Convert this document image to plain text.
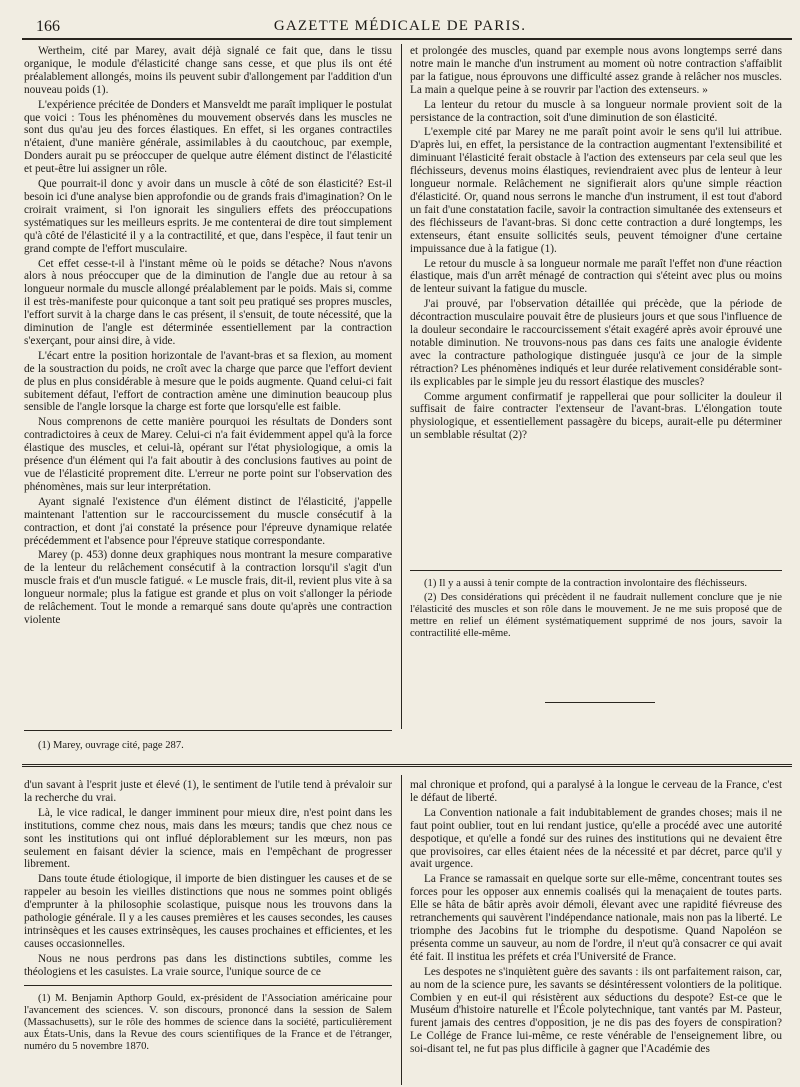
166	GAZETTE MÉDICALE DE PARIS.

Wertheim, cité par Marey, avait déjà signalé ce fait que, dans le tissu organique, le module d'élasticité change sans cesse, et que plus ils ont été préalablement allongés, moins ils peuvent subir d'allongement par l'addition d'un nouveau poids (1).

L'expérience précitée de Donders et Mansveldt me paraît impliquer le postulat que voici : Tous les phénomènes du mouvement observés dans les muscles ne sont dus qu'au jeu des forces élastiques. En effet, si les organes contractiles n'étaient, d'une manière générale, assimilables à du caoutchouc, par exemple, Donders aurait pu se préoccuper de quelque autre élément distinct de l'élasticité et peut-être lui assigner un rôle.

Que pourrait-il donc y avoir dans un muscle à côté de son élasticité? Est-il besoin ici d'une analyse bien approfondie ou de grands frais d'imagination? On le croirait vraiment, si l'on ignorait les singuliers effets des préoccupations systématiques sur les meilleurs esprits. Je me contenterai de dire tout simplement qu'à côté de l'élasticité il y a la contractilité, et que, dans l'espèce, il faut tenir un grand compte de l'effort musculaire.

Cet effet cesse-t-il à l'instant même où le poids se détache? Nous n'avons alors à nous préoccuper que de la diminution de l'angle due au retour à sa longueur normale du muscle allongé préalablement par le poids. Mais si, comme il est très-manifeste pour quiconque a tant soit peu pratiqué ses propres muscles, l'effort survit à la charge dans le cas présent, il s'ensuit, de toute nécessité, que la diminution de l'angle est déterminée essentiellement par la contraction s'exerçant, pour ainsi dire, à vide.

L'écart entre la position horizontale de l'avant-bras et sa flexion, au moment de la soustraction du poids, ne croît avec la charge que parce que l'effort devient de plus en plus considérable à mesure que le poids augmente. Quand celui-ci fait subitement défaut, l'effort de contraction amène une diminution beaucoup plus sensible de l'angle lorsque la charge est forte que lorsqu'elle est faible.

Nous comprenons de cette manière pourquoi les résultats de Donders sont contradictoires à ceux de Marey. Celui-ci n'a fait évidemment appel qu'à la force élastique des muscles, et celui-là, opérant sur l'état physiologique, a omis la présence d'un élément qui l'a fait aboutir à des conclusions fautives au point de vue de l'élasticité proprement dite. L'erreur ne porte point sur l'observation des phénomènes, mais sur leur interprétation.

Ayant signalé l'existence d'un élément distinct de l'élasticité, j'appelle maintenant l'attention sur le raccourcissement du muscle consécutif à la contraction, et dont j'ai constaté la présence pour l'épreuve dynamique relatée précédemment et l'absence pour l'épreuve statique correspondante.

Marey (p. 453) donne deux graphiques nous montrant la mesure comparative de la lenteur du relâchement consécutif à la contraction lorsqu'il s'agit d'un muscle frais et d'un muscle fatigué. « Le muscle frais, dit-il, revient plus vite à sa longueur normale; plus la fatigue est grande et plus on voit s'allonger la période de relâchement. Tout le monde a remarqué sans doute qu'après une contraction violente

et prolongée des muscles, quand par exemple nous avons longtemps serré dans notre main le manche d'un instrument au moment où notre contraction s'affaiblit par la fatigue, nous éprouvons une difficulté assez grande à relâcher nos muscles. La main a quelque peine à se rouvrir par l'action des extenseurs. »

La lenteur du retour du muscle à sa longueur normale provient soit de la persistance de la contraction, soit d'une diminution de son élasticité.

L'exemple cité par Marey ne me paraît point avoir le sens qu'il lui attribue. D'après lui, en effet, la persistance de la contraction augmentant l'extensibilité et diminuant l'élasticité ferait obstacle à l'action des extenseurs par cela seul que les fléchisseurs, devenus moins élastiques, reviendraient avec plus de lenteur à leur longueur normale. Relâchement ne signifierait alors qu'une simple réaction d'élasticité. Or, quand nous serrons le manche d'un instrument, il est tout d'abord un fait d'une constatation facile, savoir la contraction simultanée des extenseurs et des fléchisseurs de l'avant-bras. Si donc cette contraction a duré longtemps, les extenseurs, étant ensuite sollicités seuls, peuvent témoigner d'une certaine impuissance due à la fatigue (1).

Le retour du muscle à sa longueur normale me paraît l'effet non d'une réaction élastique, mais d'un arrêt ménagé de contraction qui s'éteint avec plus ou moins de lenteur suivant la fatigue du muscle.

J'ai prouvé, par l'observation détaillée qui précède, que la période de décontraction musculaire pouvait être de plusieurs jours et que sous l'influence de la douleur secondaire le raccourcissement s'était exagéré après avoir éprouvé une notable diminution. Ne trouvons-nous pas dans ces faits une analogie évidente avec la contracture pathologique distinguée jusqu'à ce jour de la simple rétraction? Les phénomènes indiqués et leur durée relativement considérable sont-ils explicables par le simple jeu du ressort élastique des muscles?

Comme argument confirmatif je rappellerai que pour solliciter la douleur il suffisait de faire contracter l'extenseur de l'avant-bras. L'élongation toute physiologique, et essentiellement passagère du biceps, aurait-elle pu déterminer un semblable résultat (2)?

(1) Il y a aussi à tenir compte de la contraction involontaire des fléchisseurs.

(2) Des considérations qui précèdent il ne faudrait nullement conclure que je nie l'élasticité des muscles et son rôle dans le mouvement. Je ne me suis proposé que de mettre en relief un élément systématiquement supprimé de nos jours, savoir la contractilité elle-même.

(1) Marey, ouvrage cité, page 287.

d'un savant à l'esprit juste et élevé (1), le sentiment de l'utile tend à prévaloir sur la recherche du vrai.

Là, le vice radical, le danger imminent pour mieux dire, n'est point dans les institutions, comme chez nous, mais dans les mœurs; tandis que chez nous ce sont les institutions qui ont influé déplorablement sur les mœurs, non pas seulement en faisant dévier la science, mais en l'empêchant de progresser librement.

Dans toute étude étiologique, il importe de bien distinguer les causes et de se rappeler au besoin les vieilles distinctions que nous ne sommes point obligés d'emprunter à la philosophie scolastique, puisque nous les trouvons dans la pathologie générale. Il y a les causes premières et les causes secondes, les causes intrinsèques et les causes extrinsèques, les causes prochaines et efficientes, et les causes occasionnelles.

Nous ne nous perdrons pas dans les distinctions subtiles, comme les théologiens et les casuistes. La vraie source, l'unique source de ce

(1) M. Benjamin Apthorp Gould, ex-président de l'Association américaine pour l'avancement des sciences. V. son discours, prononcé dans la session de Salem (Massachusetts), sur le rôle des hommes de science dans la société, particulièrement aux États-Unis, dans la Revue des cours scientifiques de la France et de l'étranger, numéro du 5 novembre 1870.

mal chronique et profond, qui a paralysé à la longue le cerveau de la France, c'est le défaut de liberté.

La Convention nationale a fait indubitablement de grandes choses; mais il ne faut point oublier, tout en lui rendant justice, qu'elle a procédé avec une autorité despotique, et qu'elle a fondé sur des ruines des institutions qui ne devaient être que provisoires, car elles étaient nées de la nécessité et par décret, parce qu'il y avait urgence.

La France se ramassait en quelque sorte sur elle-même, concentrant toutes ses forces pour les opposer aux ennemis coalisés qui la menaçaient de toutes parts. Elle se hâta de bâtir après avoir démoli, élevant avec une rapidité fiévreuse des retranchements qui sauvèrent l'indépendance nationale, mais non pas la liberté. Le triomphe des Jacobins fut le triomphe du despotisme. Quand Napoléon se présenta comme un sauveur, au nom de l'ordre, il n'eut qu'à consacrer ce qui avait été fait. Il institua les préfets et créa l'Université de France.

Les despotes ne s'inquiètent guère des savants : ils ont parfaitement raison, car, au nom de la science pure, les savants se désintéressent volontiers de la politique. Combien y en eut-il qui résistèrent aux séductions du despote? Est-ce que le Muséum d'histoire naturelle et l'École polytechnique, tant vantés par M. Pasteur, furent jamais des centres d'opposition, je ne dis pas des foyers de conspiration? Le Collége de France lui-même, ce reste vénérable de l'enseignement libre, ou soi-disant tel, ne fut pas plus difficile à gagner que l'Académie des
